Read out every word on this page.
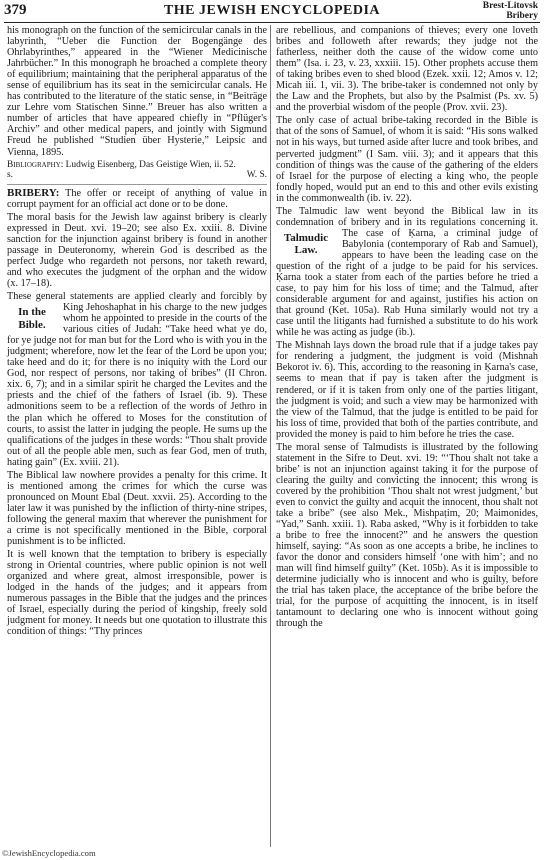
379	THE JEWISH ENCYCLOPEDIA	Brest-Litovsk
Bribery

his monograph on the function of the semicircular canals in the labyrinth, “Ueber die Function der Bogengänge des Ohrlabyrinthes,” appeared in the “Wiener Medicinische Jahrbücher.” In this monograph he broached a complete theory of equilibrium; maintaining that the peripheral apparatus of the sense of equilibrium has its seat in the semicircular canals. He has contributed to the literature of the static sense, in “Beiträge zur Lehre vom Statischen Sinne.” Breuer has also written a number of articles that have appeared chiefly in “Pflüger's Archiv” and other medical papers, and jointly with Sigmund Freud he published “Studien über Hysterie,” Leipsic and Vienna, 1895.

Bibliography: Ludwig Eisenberg, Das Geistige Wien, ii. 52.
s.	W. S.

BRIBERY: The offer or receipt of anything of value in corrupt payment for an official act done or to be done.

The moral basis for the Jewish law against bribery is clearly expressed in Deut. xvi. 19–20; see also Ex. xxiii. 8. Divine sanction for the injunction against bribery is found in another passage in Deuteronomy, wherein God is described as the perfect Judge who regardeth not persons, nor taketh reward, and who executes the judgment of the orphan and the widow (x. 17–18).

These general statements are applied clearly and forcibly by King Jehoshaphat in his charge to the
In the
Bible.
new judges whom he appointed to preside in the courts of the various cities of Judah: “Take heed what ye do, for ye judge not for man but for the Lord who is with you in the judgment; wherefore, now let the fear of the Lord be upon you; take heed and do it; for there is no iniquity with the Lord our God, nor respect of persons, nor taking of bribes” (II Chron. xix. 6, 7); and in a similar spirit he charged the Levites and the priests and the chief of the fathers of Israel (ib. 9). These admonitions seem to be a reflection of the words of Jethro in the plan which he offered to Moses for the constitution of courts, to assist the latter in judging the people. He sums up the qualifications of the judges in these words: “Thou shalt provide out of all the people able men, such as fear God, men of truth, hating gain” (Ex. xviii. 21).

The Biblical law nowhere provides a penalty for this crime. It is mentioned among the crimes for which the curse was pronounced on Mount Ebal (Deut. xxvii. 25). According to the later law it was punished by the infliction of thirty-nine stripes, following the general maxim that wherever the punishment for a crime is not specifically mentioned in the Bible, corporal punishment is to be inflicted.

It is well known that the temptation to bribery is especially strong in Oriental countries, where public opinion is not well organized and where great, almost irresponsible, power is lodged in the hands of the judges; and it appears from numerous passages in the Bible that the judges and the princes of Israel, especially during the period of kingship, freely sold judgment for money. It needs but one quotation to illustrate this condition of things: “Thy princes

are rebellious, and companions of thieves; every one loveth bribes and followeth after rewards; they judge not the fatherless, neither doth the cause of the widow come unto them” (Isa. i. 23, v. 23, xxxiii. 15). Other prophets accuse them of taking bribes even to shed blood (Ezek. xxii. 12; Amos v. 12; Micah iii. 1, vii. 3). The bribe-taker is condemned not only by the Law and the Prophets, but also by the Psalmist (Ps. xv. 5) and the proverbial wisdom of the people (Prov. xvii. 23).

The only case of actual bribe-taking recorded in the Bible is that of the sons of Samuel, of whom it is said: “His sons walked not in his ways, but turned aside after lucre and took bribes, and perverted judgment” (I Sam. viii. 3); and it appears that this condition of things was the cause of the gathering of the elders of Israel for the purpose of electing a king who, the people fondly hoped, would put an end to this and other evils existing in the commonwealth (ib. iv. 22).

The Talmudic law went beyond the Biblical law in its condemnation of bribery and in its regulations concerning it. The case of Ḳarna, a
Talmudic
Law.
criminal judge of Babylonia (contemporary of Rab and Samuel), appears to have been the leading case on the question of the right of a judge to be paid for his services. Ḳarna took a stater from each of the parties before he tried a case, to pay him for his loss of time; and the Talmud, after considerable argument for and against, justifies his action on that ground (Ket. 105a). Rab Huna similarly would not try a case until the litigants had furnished a substitute to do his work while he was acting as judge (ib.).

The Mishnah lays down the broad rule that if a judge takes pay for rendering a judgment, the judgment is void (Mishnah Bekorot iv. 6). This, according to the reasoning in Ḳarna's case, seems to mean that if pay is taken after the judgment is rendered, or if it is taken from only one of the parties litigant, the judgment is void; and such a view may be harmonized with the view of the Talmud, that the judge is entitled to be paid for his loss of time, provided that both of the parties contribute, and provided the money is paid to him before he tries the case.

The moral sense of Talmudists is illustrated by the following statement in the Sifre to Deut. xvi. 19: “‘Thou shalt not take a bribe’ is not an injunction against taking it for the purpose of clearing the guilty and convicting the innocent; this wrong is covered by the prohibition ‘Thou shalt not wrest judgment,’ but even to convict the guilty and acquit the innocent, thou shalt not take a bribe” (see also Mek., Mishpaṭim, 20; Maimonides, “Yad,” Sanh. xxiii. 1). Raba asked, “Why is it forbidden to take a bribe to free the innocent?” and he answers the question himself, saying: “As soon as one accepts a bribe, he inclines to favor the donor and considers himself ‘one with him’; and no man will find himself guilty” (Ket. 105b). As it is impossible to determine judicially who is innocent and who is guilty, before the trial has taken place, the acceptance of the bribe before the trial, for the purpose of acquitting the innocent, is in itself tantamount to declaring one who is innocent without going through the

©JewishEncyclopedia.com
